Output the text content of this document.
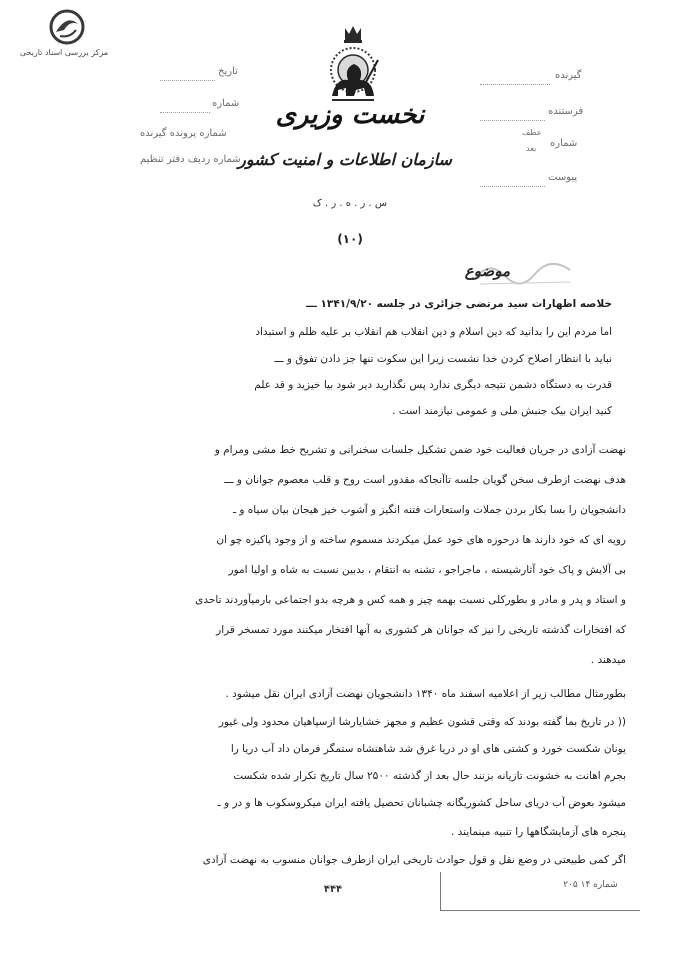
مرکز بررسی اسناد تاریخی
نخست وزیری
سازمان اطلاعات و امنیت کشور
س . ر . ه . ر . ک
(۱۰)
تاریخ
شماره
شماره پرونده گیرنده
شماره ردیف دفتر تنظیم
گیرنده
فرستنده
شماره
عطف
بعد
پیوست
موضوع
خلاصه اظهارات سید مرتضی جزائری در جلسه ۱۳۴۱/۹/۲۰ ـــ
اما مردم این را بدانید که دین اسلام و دین انقلاب هم انقلاب بر علیه ظلم و استبداد
نباید با انتظار اصلاح کردن خدا نشست زیرا این سکوت تنها جز دادن تفوق و ـــ
قدرت به دستگاه دشمن نتیجه دیگری ندارد پس نگذارید دیر شود بیا خیزید و قد علم
کنید ایران بیک جنبش ملی و عمومی نیازمند است .
نهضت آزادی در جریان فعالیت خود ضمن تشکیل جلسات سخنرانی و تشریح خط مشی ومرام و
هدف نهضت ازطرف سخن گویان جلسه تاآنجاکه مقدور است روح و قلب معصوم جوانان و ـــ
دانشجویان را بسا بکار بردن جملات واستعارات فتنه انگیز و آشوب خیز هیجان بیان سیاه و ـ
رویه ای که خود دارند ها درحوزه های خود عمل میکردند مسموم ساخته و از وجود پاکیزه چو ان
بی آلایش و پاک خود آثارشیسته ، ماجراجو ، تشنه به انتقام ، بدبین نسبت به شاه و اولیا امور
و استاد و پدر و مادر و بطورکلی نسبت بهمه چیز و همه کس و هرچه بدو اجتماعی بارمیآوردند تاحدی
که افتخارات گذشته تاریخی را نیز که جوانان هر کشوری به آنها افتخار میکنند مورد تمسخر قرار
میدهند .
بطورمثال مطالب زیر از اعلامیه اسفند ماه ۱۳۴۰ دانشجویان نهضت آزادی ایران نقل میشود .
(( در تاریخ بما گفته بودند که وقتی قشون عظیم و مجهز خشایارشا ازسپاهیان محدود ولی غیور
یونان شکست خورد و کشتی های او در دریا غرق شد شاهنشاه ستمگر فرمان داد آب دریا را
بجرم اهانت به خشونت تازیانه بزنند حال بعد از گذشته ۲۵۰۰ سال تاریخ تکرار شده شکست
میشود بعوض آب دریای ساحل کشوریگانه چشبانان تحصیل یافته ایران میکروسکوب ها و در و ـ
پنجره های آزمایشگاهها را تنبیه مینمایند .
اگر کمی طبیعتی در وضع نقل و قول حوادث تاریخی ایران ازطرف جوانان منسوب به نهضت آزادی
۴۴۴	شماره ۱۴ ۲۰۵
